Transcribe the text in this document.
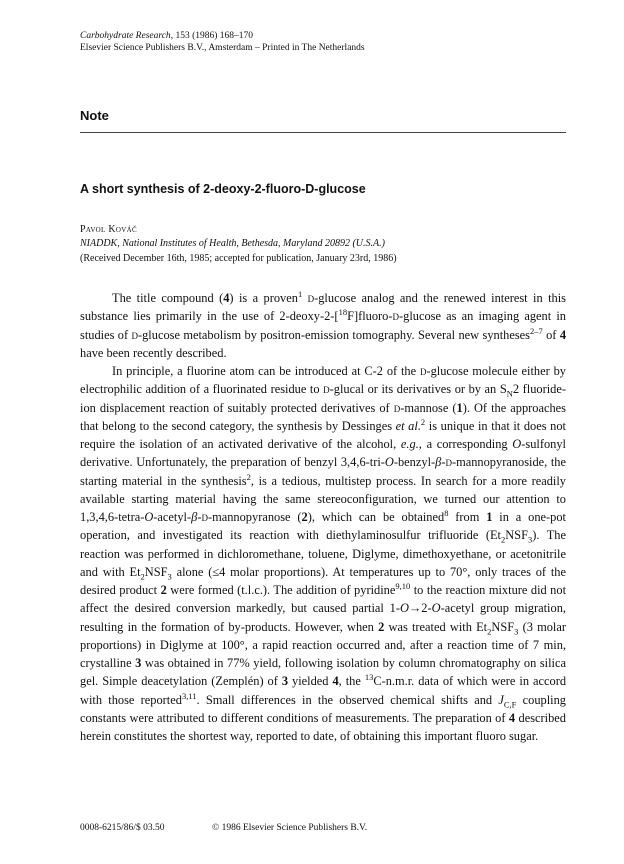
Carbohydrate Research, 153 (1986) 168–170
Elsevier Science Publishers B.V., Amsterdam – Printed in The Netherlands
Note
A short synthesis of 2-deoxy-2-fluoro-D-glucose
Pavol Kováč
NIADDK, National Institutes of Health, Bethesda, Maryland 20892 (U.S.A.)
(Received December 16th, 1985; accepted for publication, January 23rd, 1986)

The title compound (4) is a proven$^1$ d-glucose analog and the renewed interest in this substance lies primarily in the use of 2-deoxy-2-[$^{18}$F]fluoro-d-glucose as an imaging agent in studies of d-glucose metabolism by positron-emission tomography. Several new syntheses$^{2-7}$ of 4 have been recently described.

In principle, a fluorine atom can be introduced at C-2 of the d-glucose molecule either by electrophilic addition of a fluorinated residue to d-glucal or its derivatives or by an $S_N2$ fluoride-ion displacement reaction of suitably protected derivatives of d-mannose (1). Of the approaches that belong to the second category, the synthesis by Dessinges et al.$^2$ is unique in that it does not require the isolation of an activated derivative of the alcohol, e.g., a corresponding O-sulfonyl derivative. Unfortunately, the preparation of benzyl 3,4,6-tri-O-benzyl-β-d-mannopyranoside, the starting material in the synthesis$^2$, is a tedious, multistep process. In search for a more readily available starting material having the same stereoconfiguration, we turned our attention to 1,3,4,6-tetra-O-acetyl-β-d-mannopyranose (2), which can be obtained$^8$ from 1 in a one-pot operation, and investigated its reaction with diethylaminosulfur trifluoride $(Et_2NSF_3)$. The reaction was performed in dichloromethane, toluene, Diglyme, dimethoxyethane, or acetonitrile and with $Et_2NSF_3$ alone (≤4 molar proportions). At temperatures up to 70°, only traces of the desired product 2 were formed (t.l.c.). The addition of pyridine$^{9,10}$ to the reaction mixture did not affect the desired conversion markedly, but caused partial 1-O→2-O-acetyl group migration, resulting in the formation of by-products. However, when 2 was treated with $Et_2NSF_3$ (3 molar proportions) in Diglyme at 100°, a rapid reaction occurred and, after a reaction time of 7 min, crystalline 3 was obtained in 77% yield, following isolation by column chromatography on silica gel. Simple deacetylation (Zemplén) of 3 yielded 4, the $^{13}$C-n.m.r. data of which were in accord with those reported$^{3,11}$. Small differences in the observed chemical shifts and $J_{C,F}$ coupling constants were attributed to different conditions of measurements. The preparation of 4 described herein constitutes the shortest way, reported to date, of obtaining this important fluoro sugar.

0008-6215/86/$ 03.50	© 1986 Elsevier Science Publishers B.V.
